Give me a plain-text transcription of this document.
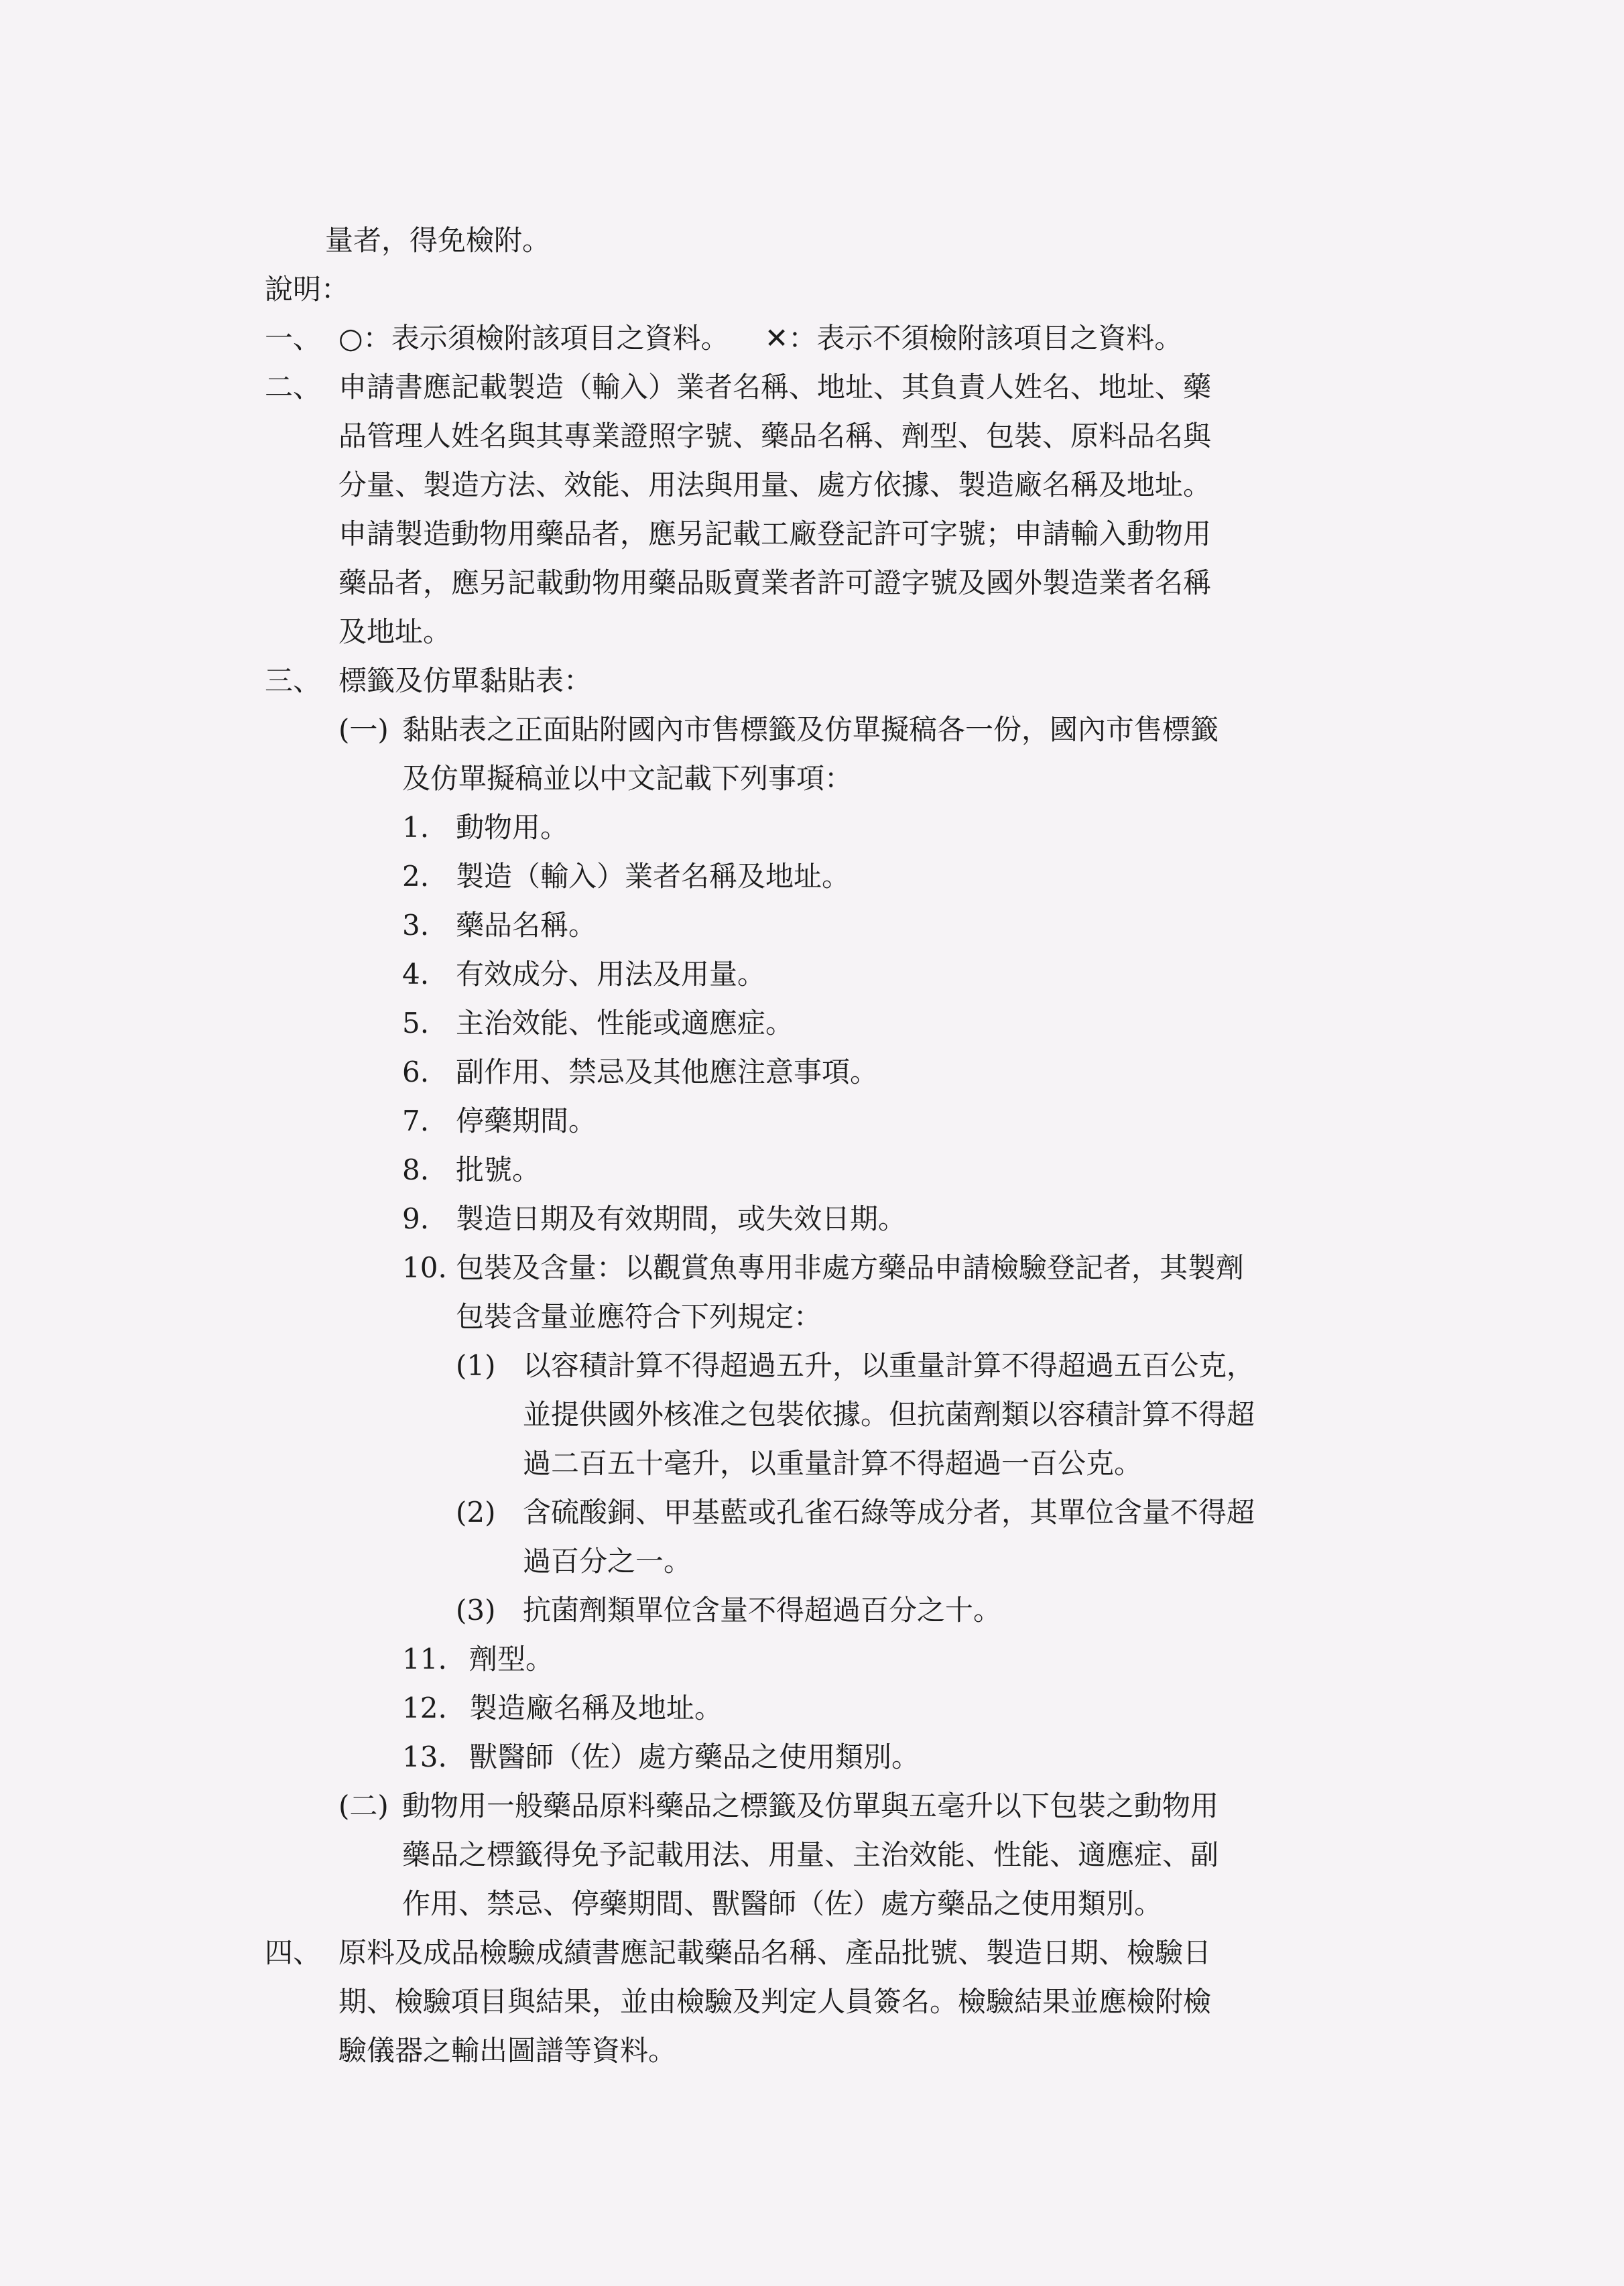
量者，得免檢附。
說明：
一、 ○：表示須檢附該項目之資料。 ✕：表示不須檢附該項目之資料。
二、 申請書應記載製造（輸入）業者名稱、地址、其負責人姓名、地址、藥
品管理人姓名與其專業證照字號、藥品名稱、劑型、包裝、原料品名與
分量、製造方法、效能、用法與用量、處方依據、製造廠名稱及地址。
申請製造動物用藥品者，應另記載工廠登記許可字號；申請輸入動物用
藥品者，應另記載動物用藥品販賣業者許可證字號及國外製造業者名稱
及地址。
三、 標籤及仿單黏貼表：
(一) 黏貼表之正面貼附國內市售標籤及仿單擬稿各一份，國內市售標籤
及仿單擬稿並以中文記載下列事項：
1. 動物用。
2. 製造（輸入）業者名稱及地址。
3. 藥品名稱。
4. 有效成分、用法及用量。
5. 主治效能、性能或適應症。
6. 副作用、禁忌及其他應注意事項。
7. 停藥期間。
8. 批號。
9. 製造日期及有效期間，或失效日期。
10. 包裝及含量：以觀賞魚專用非處方藥品申請檢驗登記者，其製劑
包裝含量並應符合下列規定：
(1) 以容積計算不得超過五升，以重量計算不得超過五百公克，
並提供國外核准之包裝依據。但抗菌劑類以容積計算不得超
過二百五十毫升，以重量計算不得超過一百公克。
(2) 含硫酸銅、甲基藍或孔雀石綠等成分者，其單位含量不得超
過百分之一。
(3) 抗菌劑類單位含量不得超過百分之十。
11. 劑型。
12. 製造廠名稱及地址。
13. 獸醫師（佐）處方藥品之使用類別。
(二) 動物用一般藥品原料藥品之標籤及仿單與五毫升以下包裝之動物用
藥品之標籤得免予記載用法、用量、主治效能、性能、適應症、副
作用、禁忌、停藥期間、獸醫師（佐）處方藥品之使用類別。
四、 原料及成品檢驗成績書應記載藥品名稱、產品批號、製造日期、檢驗日
期、檢驗項目與結果，並由檢驗及判定人員簽名。檢驗結果並應檢附檢
驗儀器之輸出圖譜等資料。
